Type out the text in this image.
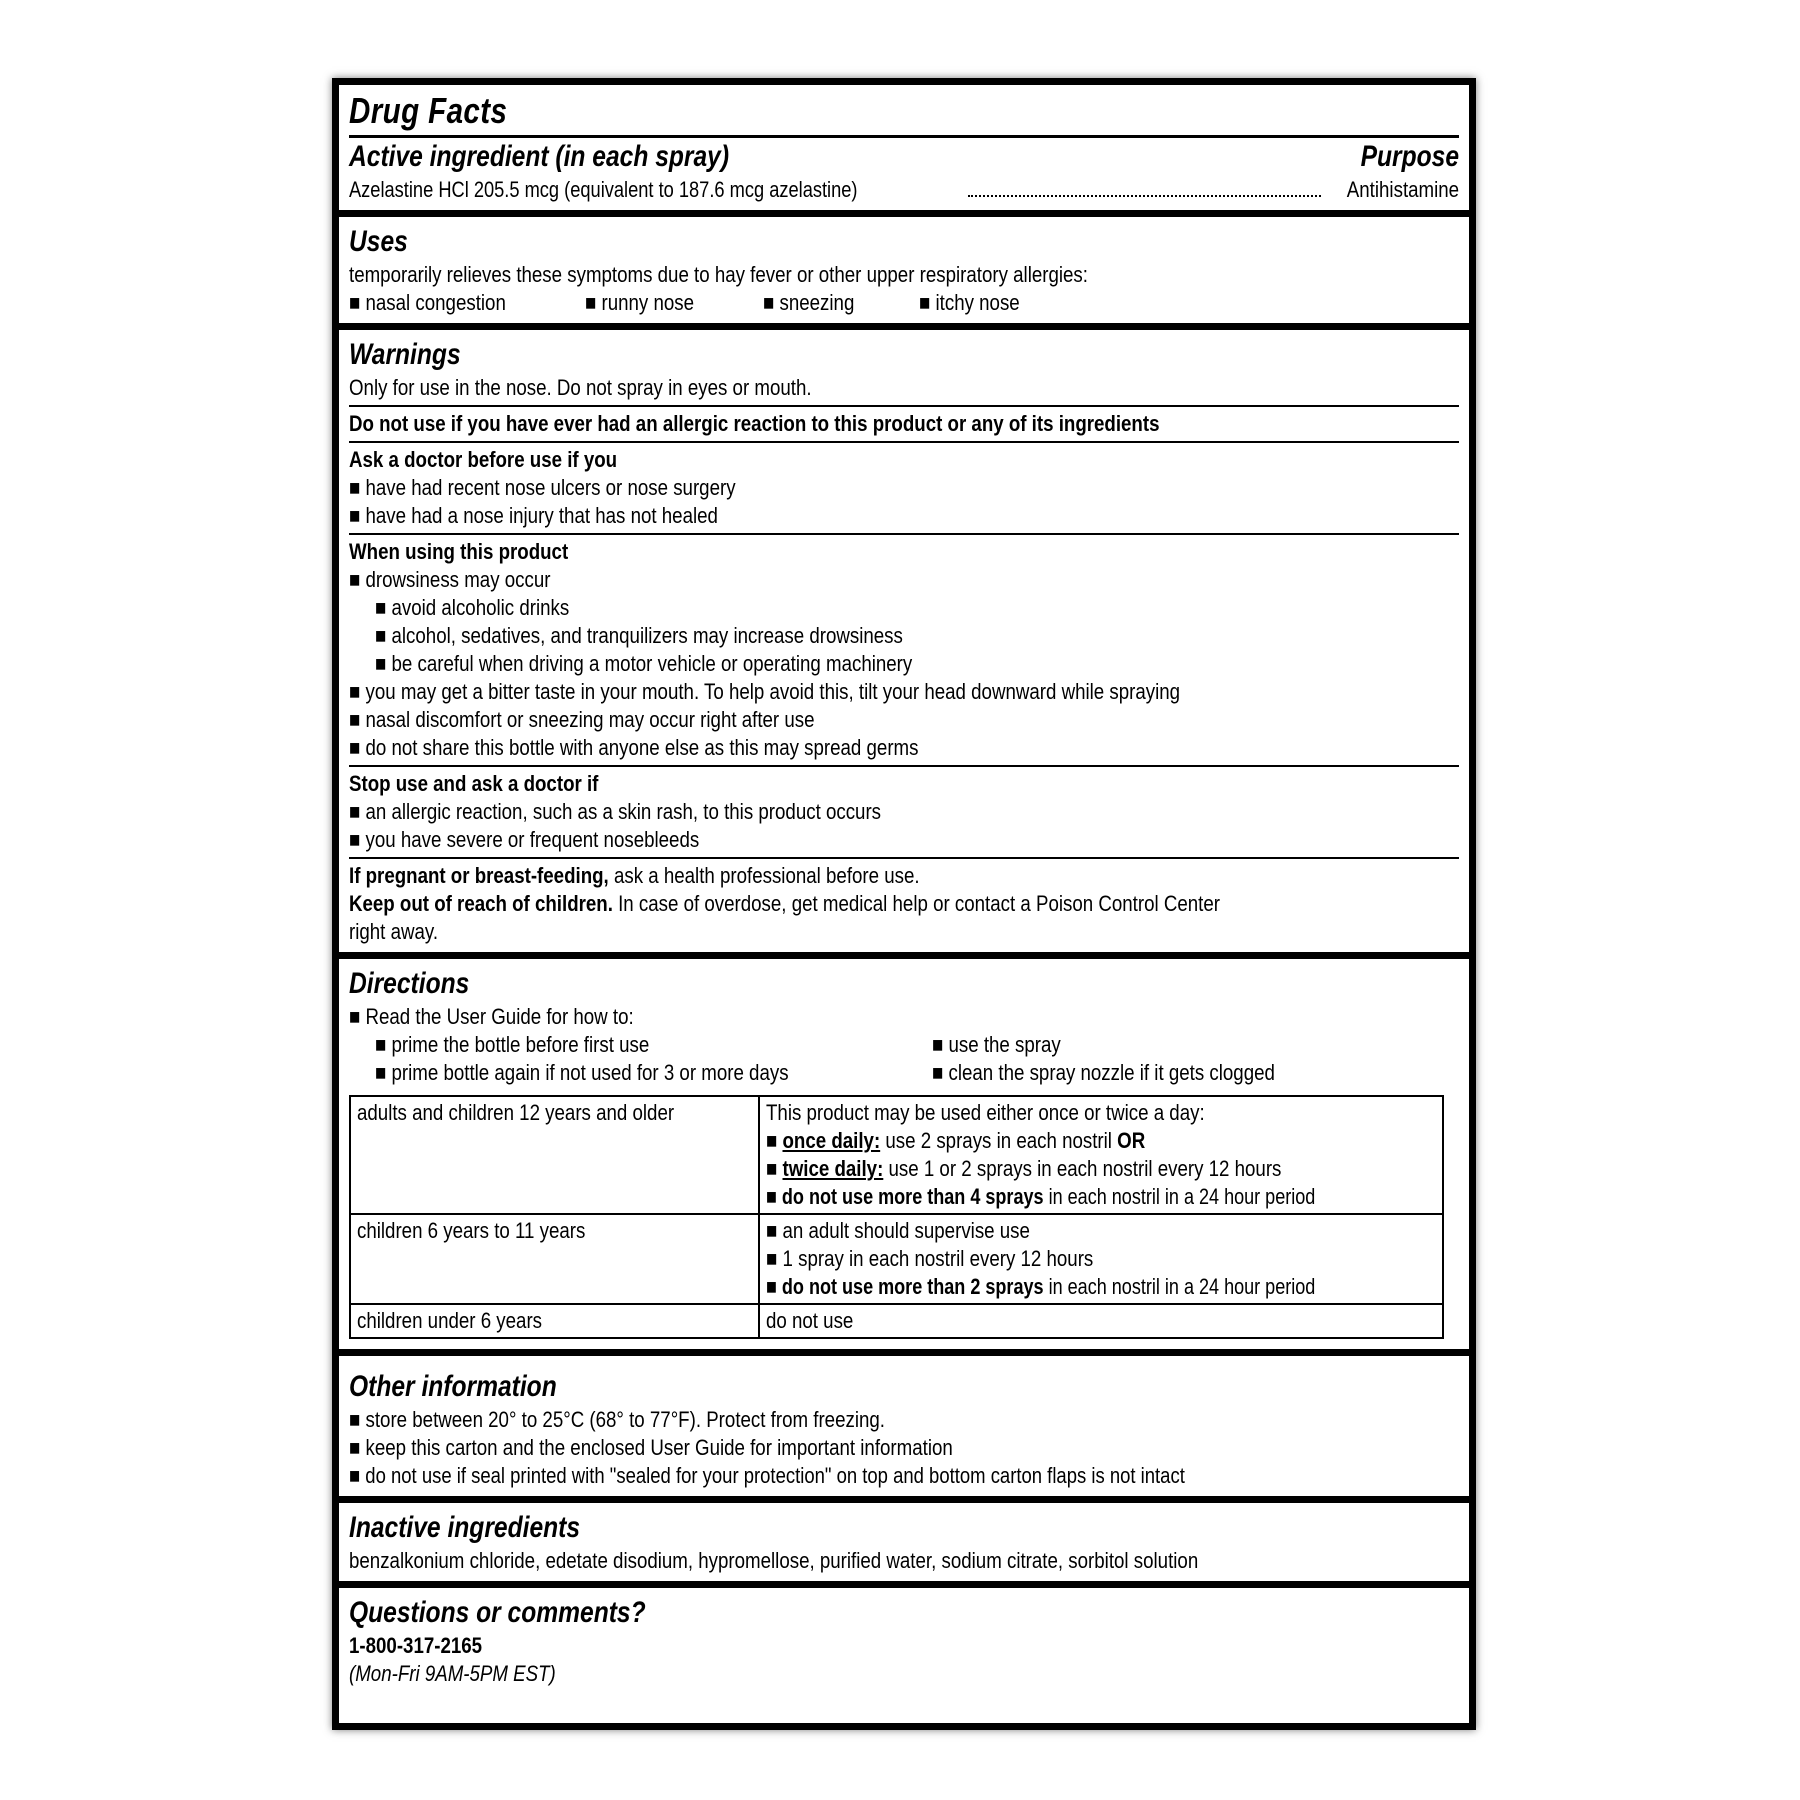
Drug Facts
Active ingredient (in each spray)	Purpose
Azelastine HCl 205.5 mcg (equivalent to 187.6 mcg azelastine)	Antihistamine
Uses
temporarily relieves these symptoms due to hay fever or other upper respiratory allergies:
■ nasal congestion	■ runny nose	■ sneezing	■ itchy nose
Warnings
Only for use in the nose. Do not spray in eyes or mouth.
Do not use if you have ever had an allergic reaction to this product or any of its ingredients
Ask a doctor before use if you
■ have had recent nose ulcers or nose surgery
■ have had a nose injury that has not healed
When using this product
■ drowsiness may occur
■ avoid alcoholic drinks
■ alcohol, sedatives, and tranquilizers may increase drowsiness
■ be careful when driving a motor vehicle or operating machinery
■ you may get a bitter taste in your mouth. To help avoid this, tilt your head downward while spraying
■ nasal discomfort or sneezing may occur right after use
■ do not share this bottle with anyone else as this may spread germs
Stop use and ask a doctor if
■ an allergic reaction, such as a skin rash, to this product occurs
■ you have severe or frequent nosebleeds
If pregnant or breast-feeding, ask a health professional before use.
Keep out of reach of children. In case of overdose, get medical help or contact a Poison Control Center
right away.
Directions
■ Read the User Guide for how to:
■ prime the bottle before first use
■ prime bottle again if not used for 3 or more days
■ use the spray
■ clean the spray nozzle if it gets clogged
adults and children 12 years and older	This product may be used either once or twice a day:
■ once daily: use 2 sprays in each nostril OR
■ twice daily: use 1 or 2 sprays in each nostril every 12 hours
■ do not use more than 4 sprays in each nostril in a 24 hour period

children 6 years to 11 years	■ an adult should supervise use
■ 1 spray in each nostril every 12 hours
■ do not use more than 2 sprays in each nostril in a 24 hour period

children under 6 years	do not use
Other information
■ store between 20° to 25°C (68° to 77°F). Protect from freezing.
■ keep this carton and the enclosed User Guide for important information
■ do not use if seal printed with "sealed for your protection" on top and bottom carton flaps is not intact
Inactive ingredients
benzalkonium chloride, edetate disodium, hypromellose, purified water, sodium citrate, sorbitol solution
Questions or comments?
1-800-317-2165
(Mon-Fri 9AM-5PM EST)
